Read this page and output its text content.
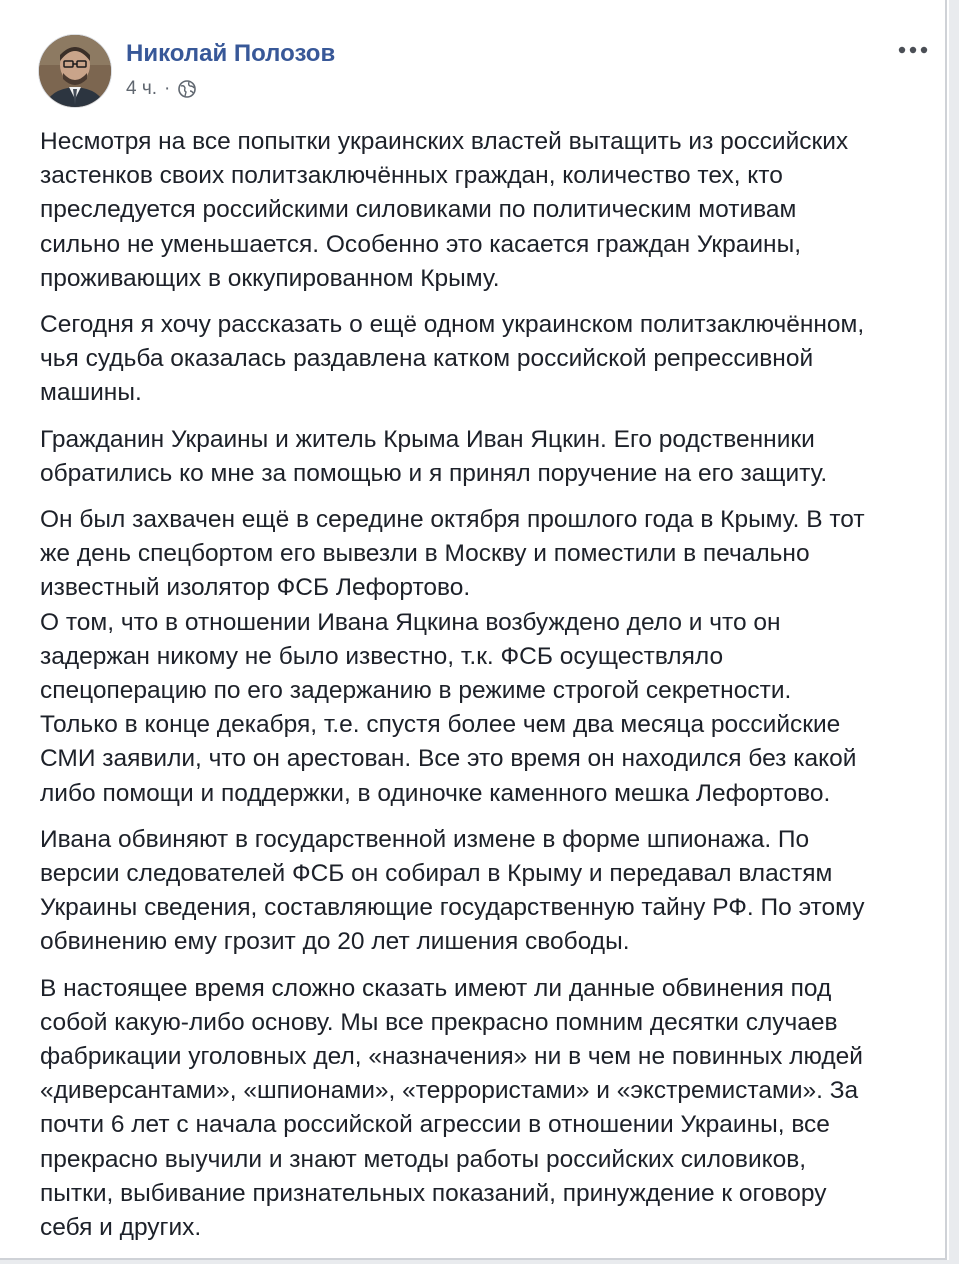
Николай Полозов
4 ч. ·

Несмотря на все попытки украинских властей вытащить из российских
застенков своих политзаключённых граждан, количество тех, кто
преследуется российскими силовиками по политическим мотивам
сильно не уменьшается. Особенно это касается граждан Украины,
проживающих в оккупированном Крыму.

Сегодня я хочу рассказать о ещё одном украинском политзаключённом,
чья судьба оказалась раздавлена катком российской репрессивной
машины.

Гражданин Украины и житель Крыма Иван Яцкин. Его родственники
обратились ко мне за помощью и я принял поручение на его защиту.

Он был захвачен ещё в середине октября прошлого года в Крыму. В тот
же день спецбортом его вывезли в Москву и поместили в печально
известный изолятор ФСБ Лефортово.

О том, что в отношении Ивана Яцкина возбуждено дело и что он
задержан никому не было известно, т.к. ФСБ осуществляло
спецоперацию по его задержанию в режиме строгой секретности.
Только в конце декабря, т.е. спустя более чем два месяца российские
СМИ заявили, что он арестован. Все это время он находился без какой
либо помощи и поддержки, в одиночке каменного мешка Лефортово.

Ивана обвиняют в государственной измене в форме шпионажа. По
версии следователей ФСБ он собирал в Крыму и передавал властям
Украины сведения, составляющие государственную тайну РФ. По этому
обвинению ему грозит до 20 лет лишения свободы.

В настоящее время сложно сказать имеют ли данные обвинения под
собой какую-либо основу. Мы все прекрасно помним десятки случаев
фабрикации уголовных дел, «назначения» ни в чем не повинных людей
«диверсантами», «шпионами», «террористами» и «экстремистами». За
почти 6 лет с начала российской агрессии в отношении Украины, все
прекрасно выучили и знают методы работы российских силовиков,
пытки, выбивание признательных показаний, принуждение к оговору
себя и других.
